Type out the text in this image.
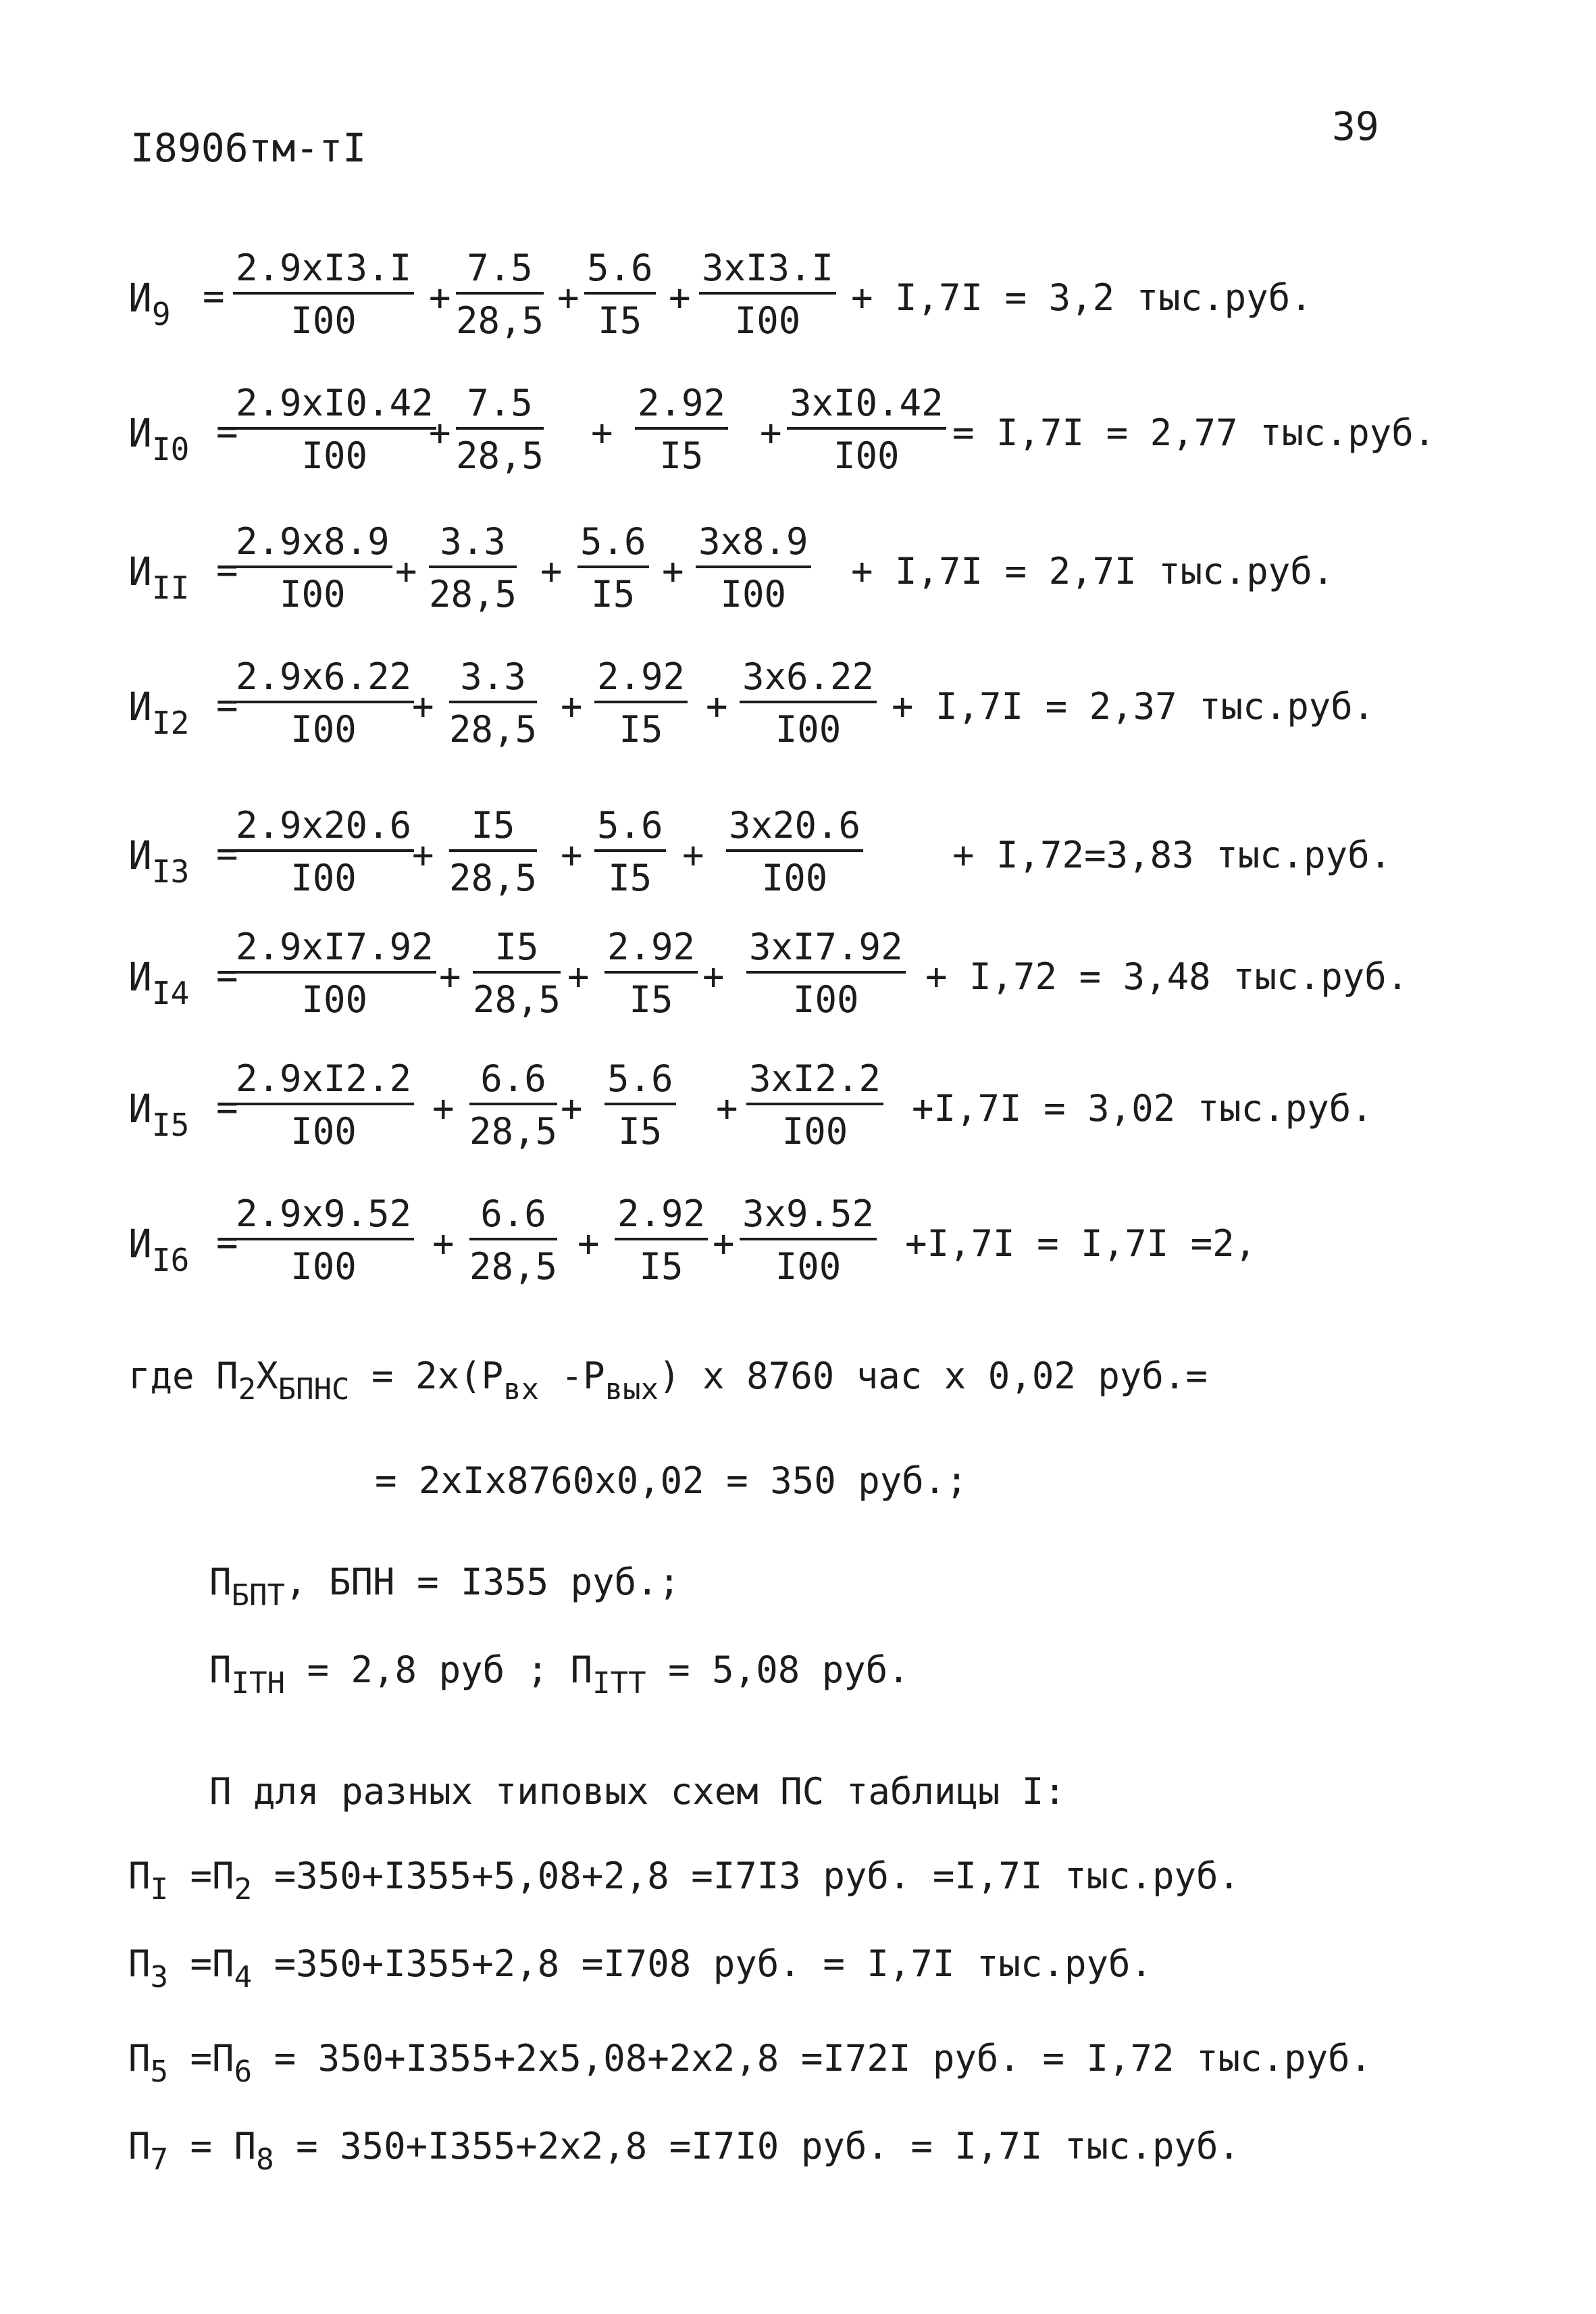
I8906тм-тI	39
$И_9$ =
2.9хI3.I
I00
+ $\frac{7.5}{28,5} + \frac{5.6}{I5}$ +
3хI3.I
I00
+ I,7I = 3,2 тыс.руб.
$И_{I0}$ =
2.9хI0.42
I00
+ $\frac{7.5}{28,5} + \frac{2.92}{I5}$ +
3хI0.42
I00
= I,7I = 2,77 тыс.руб.
$И_{II}$ =
2.9х8.9
I00
+ $\frac{3.3}{28,5} + \frac{5.6}{I5}$ +
3х8.9
I00
+ I,7I = 2,7I тыс.руб.
$И_{I2}$ =
2.9х6.22
I00
+ $\frac{3.3}{28,5} + \frac{2.92}{I5}$ +
3х6.22
I00
+ I,7I = 2,37 тыс.руб.
$И_{I3}$ =
2.9х20.6
I00
+ $\frac{I5}{28,5} + \frac{5.6}{I5}$ +
3х20.6
I00
+ I,72=3,83 тыс.руб.
$И_{I4}$ =
2.9хI7.92
I00
+ $\frac{I5}{28,5} + \frac{2.92}{I5}$ +
3хI7.92
I00
+ I,72 = 3,48 тыс.руб.
$И_{I5}$ =
2.9хI2.2
I00
+ $\frac{6.6}{28,5} + \frac{5.6}{I5}$ +
3хI2.2
I00
+I,7I = 3,02 тыс.руб.
$И_{I6}$ =
2.9х9.52
I00
+ $\frac{6.6}{28,5} + \frac{2.92}{I5}$ +
3х9.52
I00
+I,7I = I,7I =2,
где $П_2Х_{БПНС} = 2х(Р_{вх}$ $-Р_{вых}$) х 8760 час х 0,02 руб.=
= 2хIх8760х0,02 = 350 руб.;
$П_{БПТ}$, БПН = I355 руб.;
$П_{IТН} = 2,8$ руб ; $П_{IТТ} = 5,08$ руб.
П для разных типовых схем ПС таблицы I:
$П_I =П_2 =350+I355+5,08+2,8 =I7I3$ руб. =I,7I тыс.руб.
$П_3 =П_4 =350+I355+2,8 =I708$ руб. = I,7I тыс.руб.
$П_5 =П_6 = 350+I355+2х5,08+2х2,8 =I72I$ руб. = I,72 тыс.руб.
$П_7 = П_8 = 350+I355+2х2,8 =I7I0$ руб. = I,7I тыс.руб.
